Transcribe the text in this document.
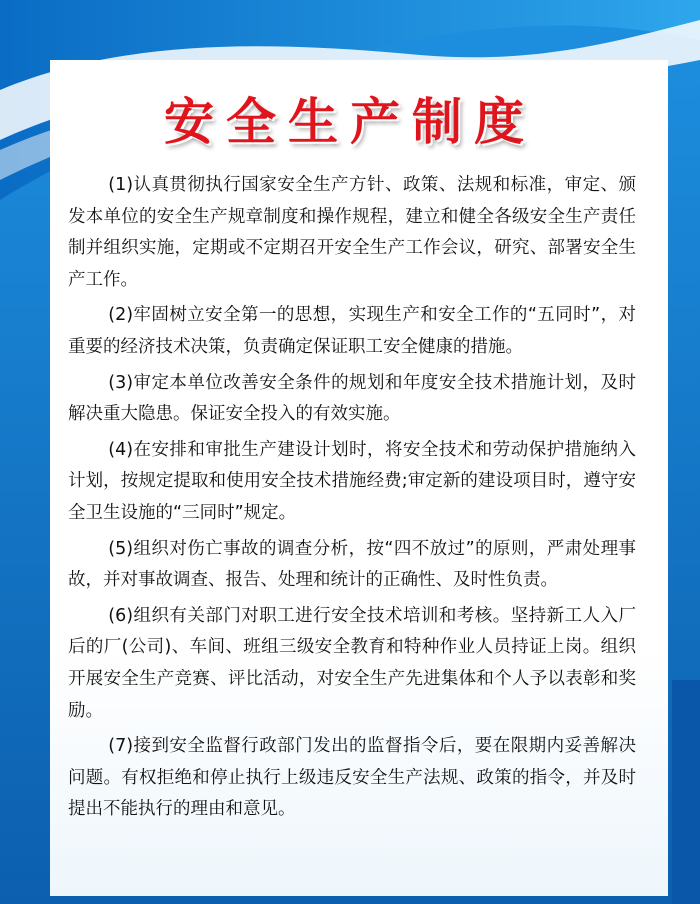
安全生产制度

(1)认真贯彻执行国家安全生产方针、政策、法规和标准，审定、颁发本单位的安全生产规章制度和操作规程，建立和健全各级安全生产责任制并组织实施，定期或不定期召开安全生产工作会议，研究、部署安全生产工作。

(2)牢固树立安全第一的思想，实现生产和安全工作的“五同时”，对重要的经济技术决策，负责确定保证职工安全健康的措施。

(3)审定本单位改善安全条件的规划和年度安全技术措施计划，及时解决重大隐患。保证安全投入的有效实施。

(4)在安排和审批生产建设计划时，将安全技术和劳动保护措施纳入计划，按规定提取和使用安全技术措施经费;审定新的建设项目时，遵守安全卫生设施的“三同时”规定。

(5)组织对伤亡事故的调查分析，按“四不放过”的原则，严肃处理事故，并对事故调查、报告、处理和统计的正确性、及时性负责。

(6)组织有关部门对职工进行安全技术培训和考核。坚持新工人入厂后的厂(公司)、车间、班组三级安全教育和特种作业人员持证上岗。组织开展安全生产竞赛、评比活动，对安全生产先进集体和个人予以表彰和奖励。

(7)接到安全监督行政部门发出的监督指令后，要在限期内妥善解决问题。有权拒绝和停止执行上级违反安全生产法规、政策的指令，并及时提出不能执行的理由和意见。
